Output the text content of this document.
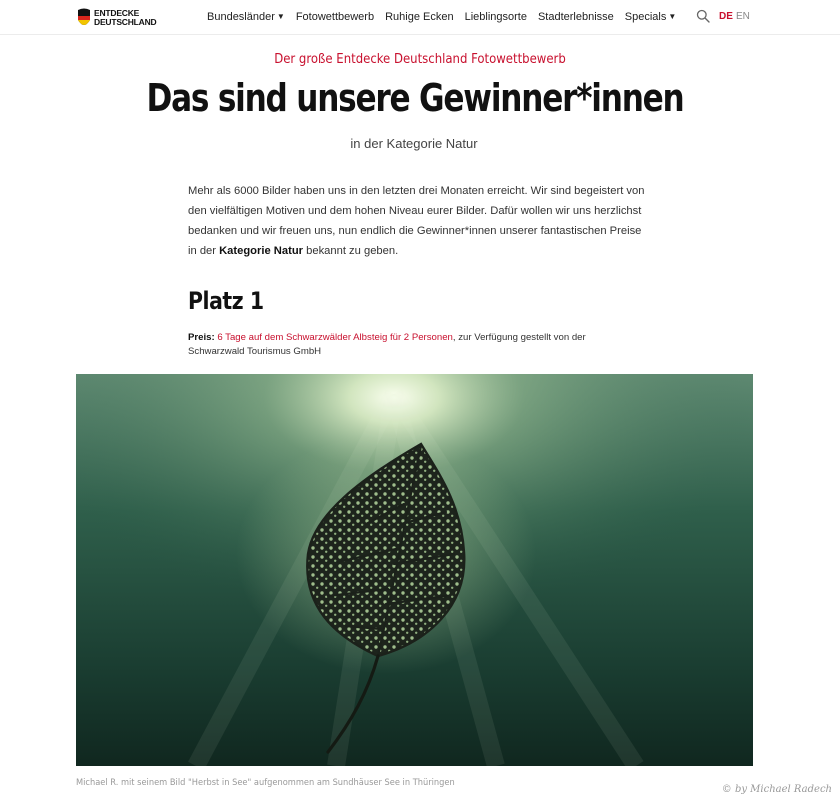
ENTDECKE
DEUTSCHLAND	Bundesländer ▼ Fotowettbewerb Ruhige Ecken Lieblingsorte Stadterlebnisse Specials ▼	DE EN
Der große Entdecke Deutschland Fotowettbewerb
Das sind unsere Gewinner*innen
in der Kategorie Natur
Mehr als 6000 Bilder haben uns in den letzten drei Monaten erreicht. Wir sind begeistert von den vielfältigen Motiven und dem hohen Niveau eurer Bilder. Dafür wollen wir uns herzlichst bedanken und wir freuen uns, nun endlich die Gewinner*innen unserer fantastischen Preise in der Kategorie Natur bekannt zu geben.
Platz 1
Preis: 6 Tage auf dem Schwarzwälder Albsteig für 2 Personen, zur Verfügung gestellt von der Schwarzwald Tourismus GmbH
Michael R. mit seinem Bild "Herbst in See" aufgenommen am Sundhäuser See in Thüringen
© by Michael Radech
